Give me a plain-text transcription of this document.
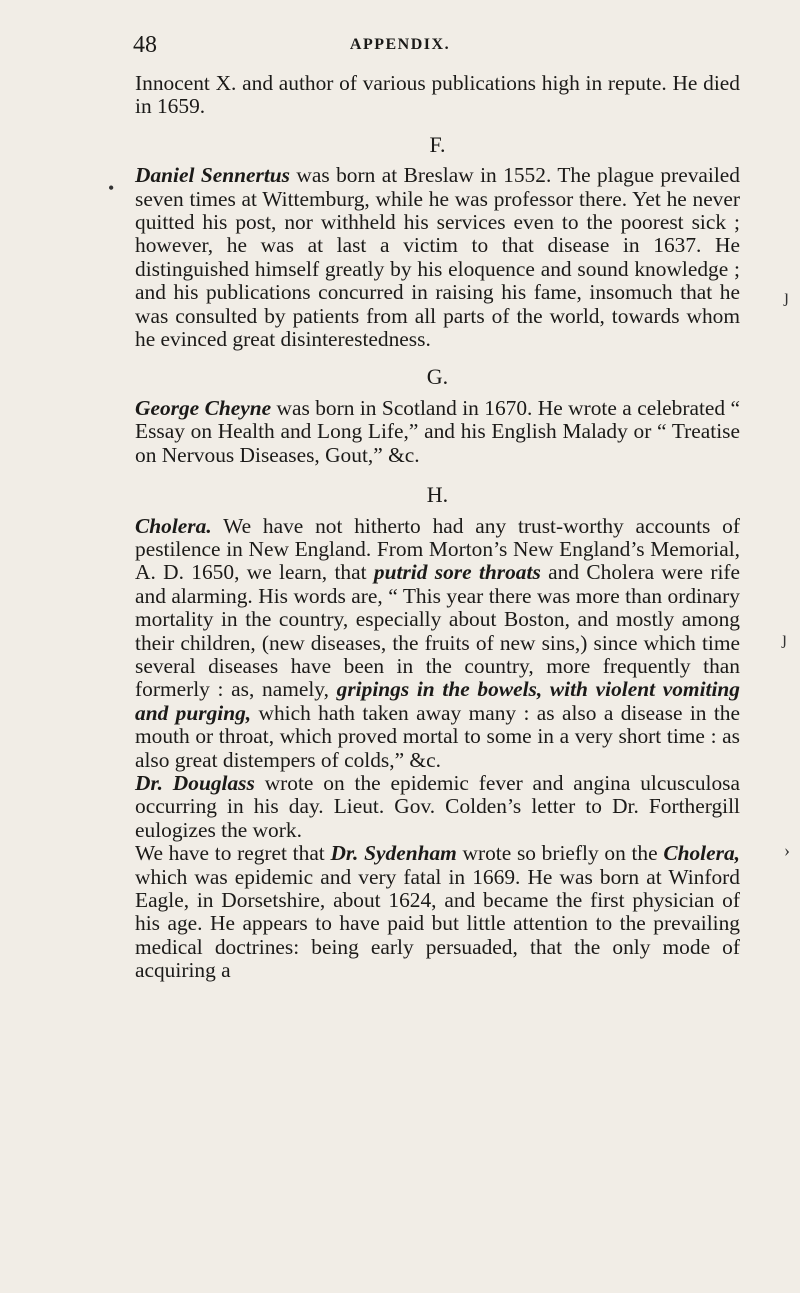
48	APPENDIX.

Innocent X. and author of various publications high in repute. He died in 1659.

F.

Daniel Sennertus was born at Breslaw in 1552. The plague prevailed seven times at Wittemburg, while he was professor there. Yet he never quitted his post, nor withheld his services even to the poorest sick ; however, he was at last a victim to that disease in 1637. He distinguished himself greatly by his eloquence and sound knowledge ; and his publications concurred in raising his fame, insomuch that he was consulted by patients from all parts of the world, towards whom he evinced great disinterestedness.

G.

George Cheyne was born in Scotland in 1670. He wrote a celebrated “ Essay on Health and Long Life,” and his English Malady or “ Treatise on Nervous Diseases, Gout,” &c.

H.

Cholera. We have not hitherto had any trust-worthy accounts of pestilence in New England. From Morton’s New England’s Memorial, A. D. 1650, we learn, that putrid sore throats and Cholera were rife and alarming. His words are, “ This year there was more than ordinary mortality in the country, especially about Boston, and mostly among their children, (new diseases, the fruits of new sins,) since which time several diseases have been in the country, more frequently than formerly : as, namely, gripings in the bowels, with violent vomiting and purging, which hath taken away many : as also a disease in the mouth or throat, which proved mortal to some in a very short time : as also great distempers of colds,” &c.

Dr. Douglass wrote on the epidemic fever and angina ulcusculosa occurring in his day. Lieut. Gov. Colden’s letter to Dr. Forthergill eulogizes the work.

We have to regret that Dr. Sydenham wrote so briefly on the Cholera, which was epidemic and very fatal in 1669. He was born at Winford Eagle, in Dorsetshire, about 1624, and became the first physician of his age. He appears to have paid but little attention to the prevailing medical doctrines: being early persuaded, that the only mode of acquiring a

•
ȷ
ȷ
›
